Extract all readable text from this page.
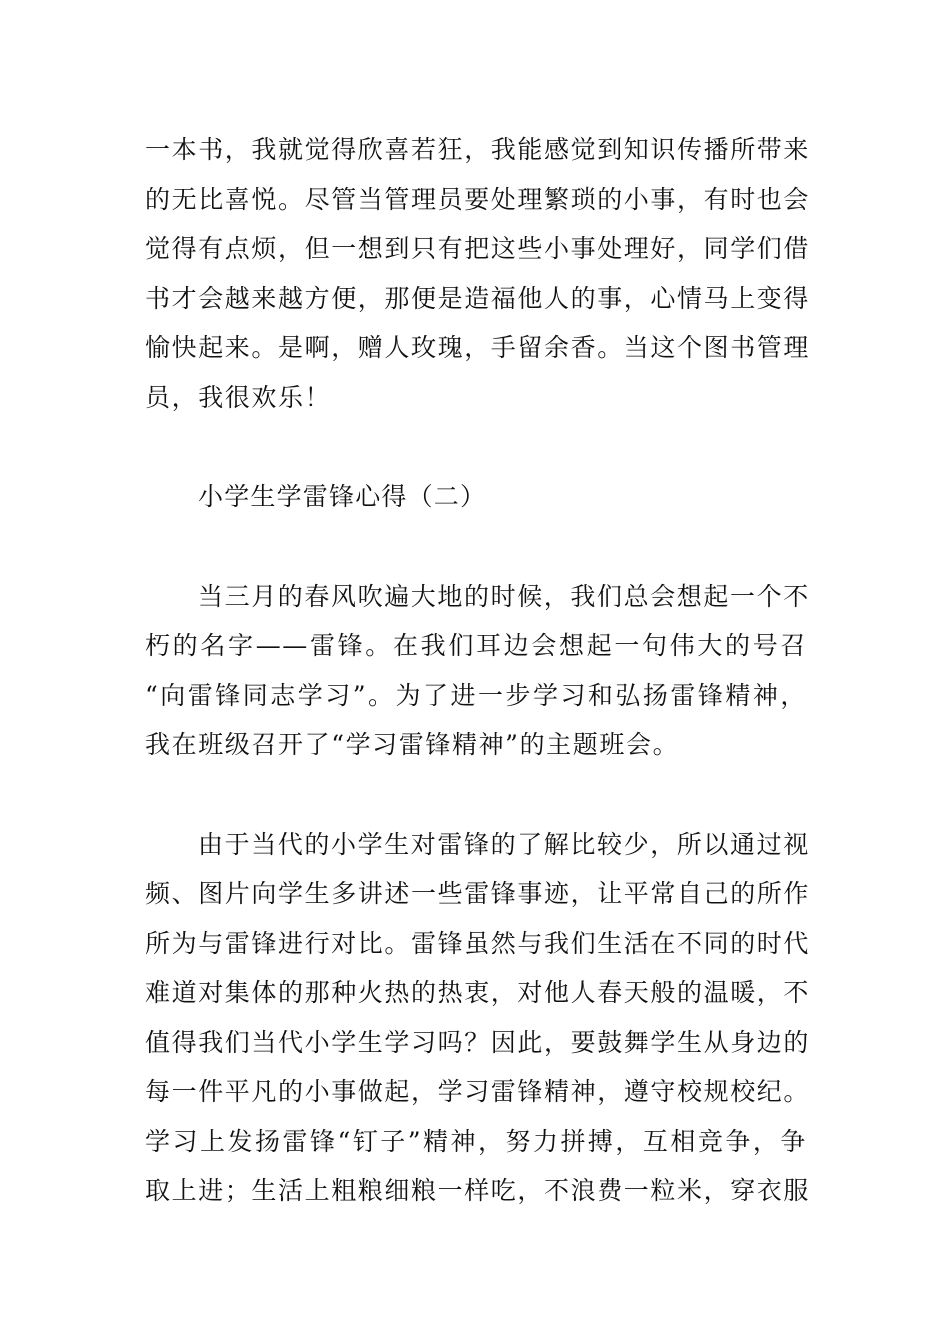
一本书，我就觉得欣喜若狂，我能感觉到知识传播所带来
的无比喜悦。尽管当管理员要处理繁琐的小事，有时也会
觉得有点烦，但一想到只有把这些小事处理好，同学们借
书才会越来越方便，那便是造福他人的事，心情马上变得
愉快起来。是啊，赠人玫瑰，手留余香。当这个图书管理
员，我很欢乐！
小学生学雷锋心得（二）
当三月的春风吹遍大地的时候，我们总会想起一个不
朽的名字——雷锋。在我们耳边会想起一句伟大的号召
“向雷锋同志学习”。为了进一步学习和弘扬雷锋精神，
我在班级召开了“学习雷锋精神”的主题班会。
由于当代的小学生对雷锋的了解比较少，所以通过视
频、图片向学生多讲述一些雷锋事迹，让平常自己的所作
所为与雷锋进行对比。雷锋虽然与我们生活在不同的时代
难道对集体的那种火热的热衷，对他人春天般的温暖，不
值得我们当代小学生学习吗？因此，要鼓舞学生从身边的
每一件平凡的小事做起，学习雷锋精神，遵守校规校纪。
学习上发扬雷锋“钉子”精神，努力拼搏，互相竞争，争
取上进；生活上粗粮细粮一样吃，不浪费一粒米，穿衣服
